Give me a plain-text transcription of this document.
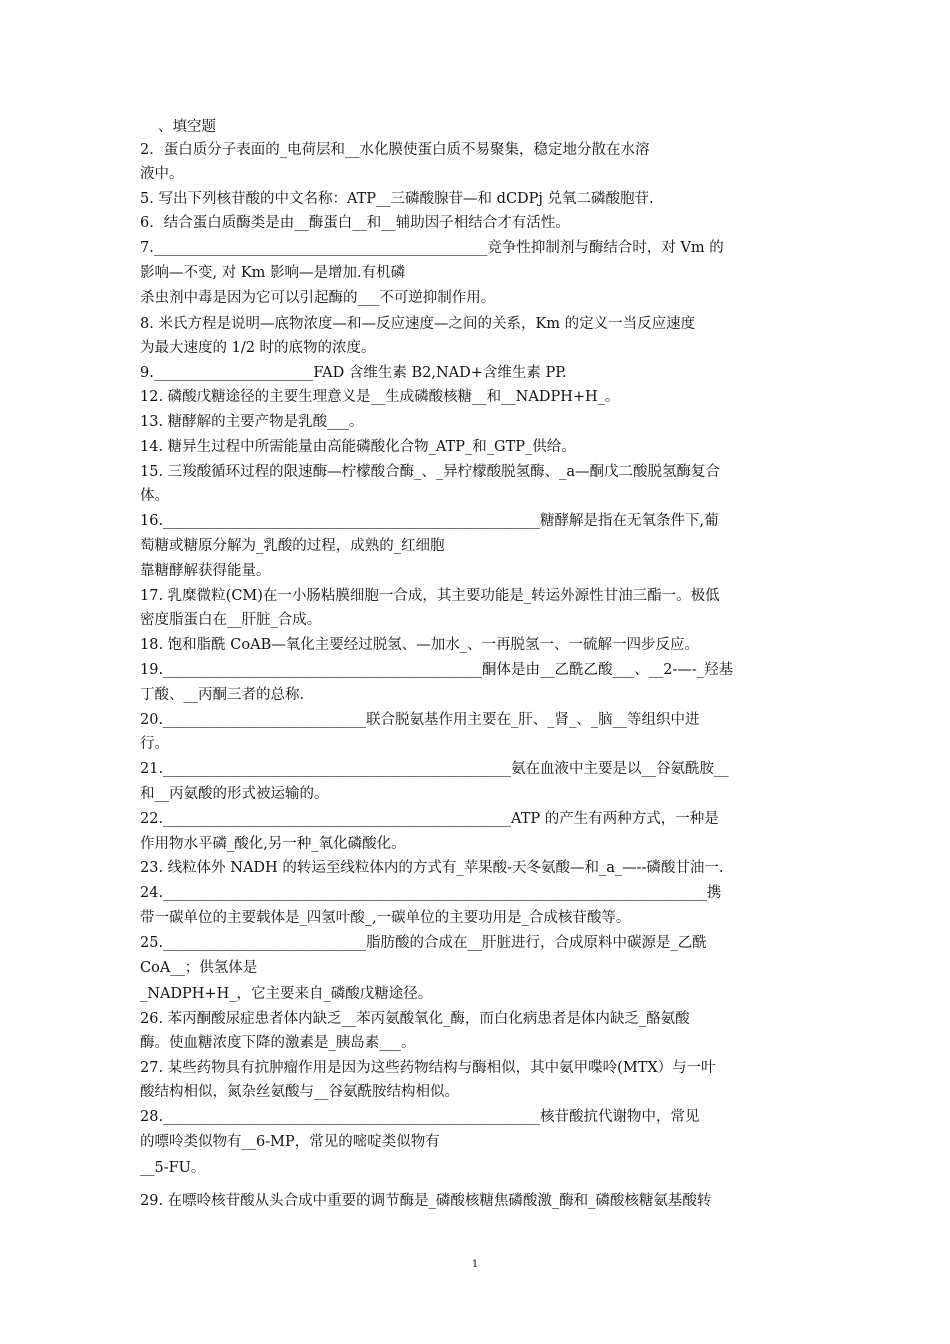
、填空题
2．蛋白质分子表面的_电荷层和__水化膜使蛋白质不易聚集，稳定地分散在水溶
液中。
5. 写出下列核苷酸的中文名称：ATP__三磷酸腺苷—和 dCDPj 兑氧二磷酸胞苷.
6．结合蛋白质酶类是由__酶蛋白__和__辅助因子相结合才有活性。
7.______________________________________________竞争性抑制剂与酶结合时，对 Vm 的
影响—不变, 对 Km 影响—是增加.有机磷
杀虫剂中毒是因为它可以引起酶的___不可逆抑制作用。
8. 米氏方程是说明—底物浓度—和—反应速度—之间的关系，Km 的定义一当反应速度
为最大速度的 1/2 时的底物的浓度。
9.______________________FAD 含维生素 B2,NAD+含维生素 PP.
12. 磷酸戊糖途径的主要生理意义是__生成磷酸核糖__和__NADPH+H_。
13. 糖酵解的主要产物是乳酸___。
14. 糖异生过程中所需能量由高能磷酸化合物_ATP_和_GTP_供给。
15. 三羧酸循环过程的限速酶—柠檬酸合酶_、_异柠檬酸脱氢酶、_a—酮戊二酸脱氢酶复合
体。
16.____________________________________________________糖酵解是指在无氧条件下,葡
萄糖或糖原分解为_乳酸的过程，成熟的_红细胞
靠糖酵解获得能量。
17. 乳糜微粒(CM)在一小肠粘膜细胞一合成，其主要功能是_转运外源性甘油三酯一。极低
密度脂蛋白在__肝脏_合成。
18. 饱和脂酰 CoAB—氧化主要经过脱氢、—加水_、一再脱氢一、一硫解一四步反应。
19.____________________________________________酮体是由__乙酰乙酸___、__2-—-_羟基
丁酸、__丙酮三者的总称.
20.____________________________联合脱氨基作用主要在_肝、_肾_、_脑__等组织中进
行。
21.________________________________________________氨在血液中主要是以__谷氨酰胺__
和__丙氨酸的形式被运输的。
22.________________________________________________ATP 的产生有两种方式，一种是
作用物水平磷_酸化,另一种_氧化磷酸化。
23. 线粒体外 NADH 的转运至线粒体内的方式有_苹果酸-天冬氨酸—和_a_—--磷酸甘油一.
24.___________________________________________________________________________携
带一碳单位的主要载体是_四氢叶酸_,一碳单位的主要功用是_合成核苷酸等。
25.____________________________脂肪酸的合成在__肝脏进行，合成原料中碳源是_乙酰
CoA__；供氢体是
_NADPH+H_，它主要来自_磷酸戊糖途径。
26. 苯丙酮酸尿症患者体内缺乏__苯丙氨酸氧化_酶，而白化病患者是体内缺乏_酪氨酸
酶。使血糖浓度下降的激素是_胰岛素___。
27. 某些药物具有抗肿瘤作用是因为这些药物结构与酶相似，其中氨甲喋呤(MTX）与一叶
酸结构相似，氮杂丝氨酸与__谷氨酰胺结构相似。
28.____________________________________________________核苷酸抗代谢物中，常见
的嘌呤类似物有__6-MP，常见的嘧啶类似物有
__5-FU。
29. 在嘌呤核苷酸从头合成中重要的调节酶是_磷酸核糖焦磷酸激_酶和_磷酸核糖氨基酸转
1
